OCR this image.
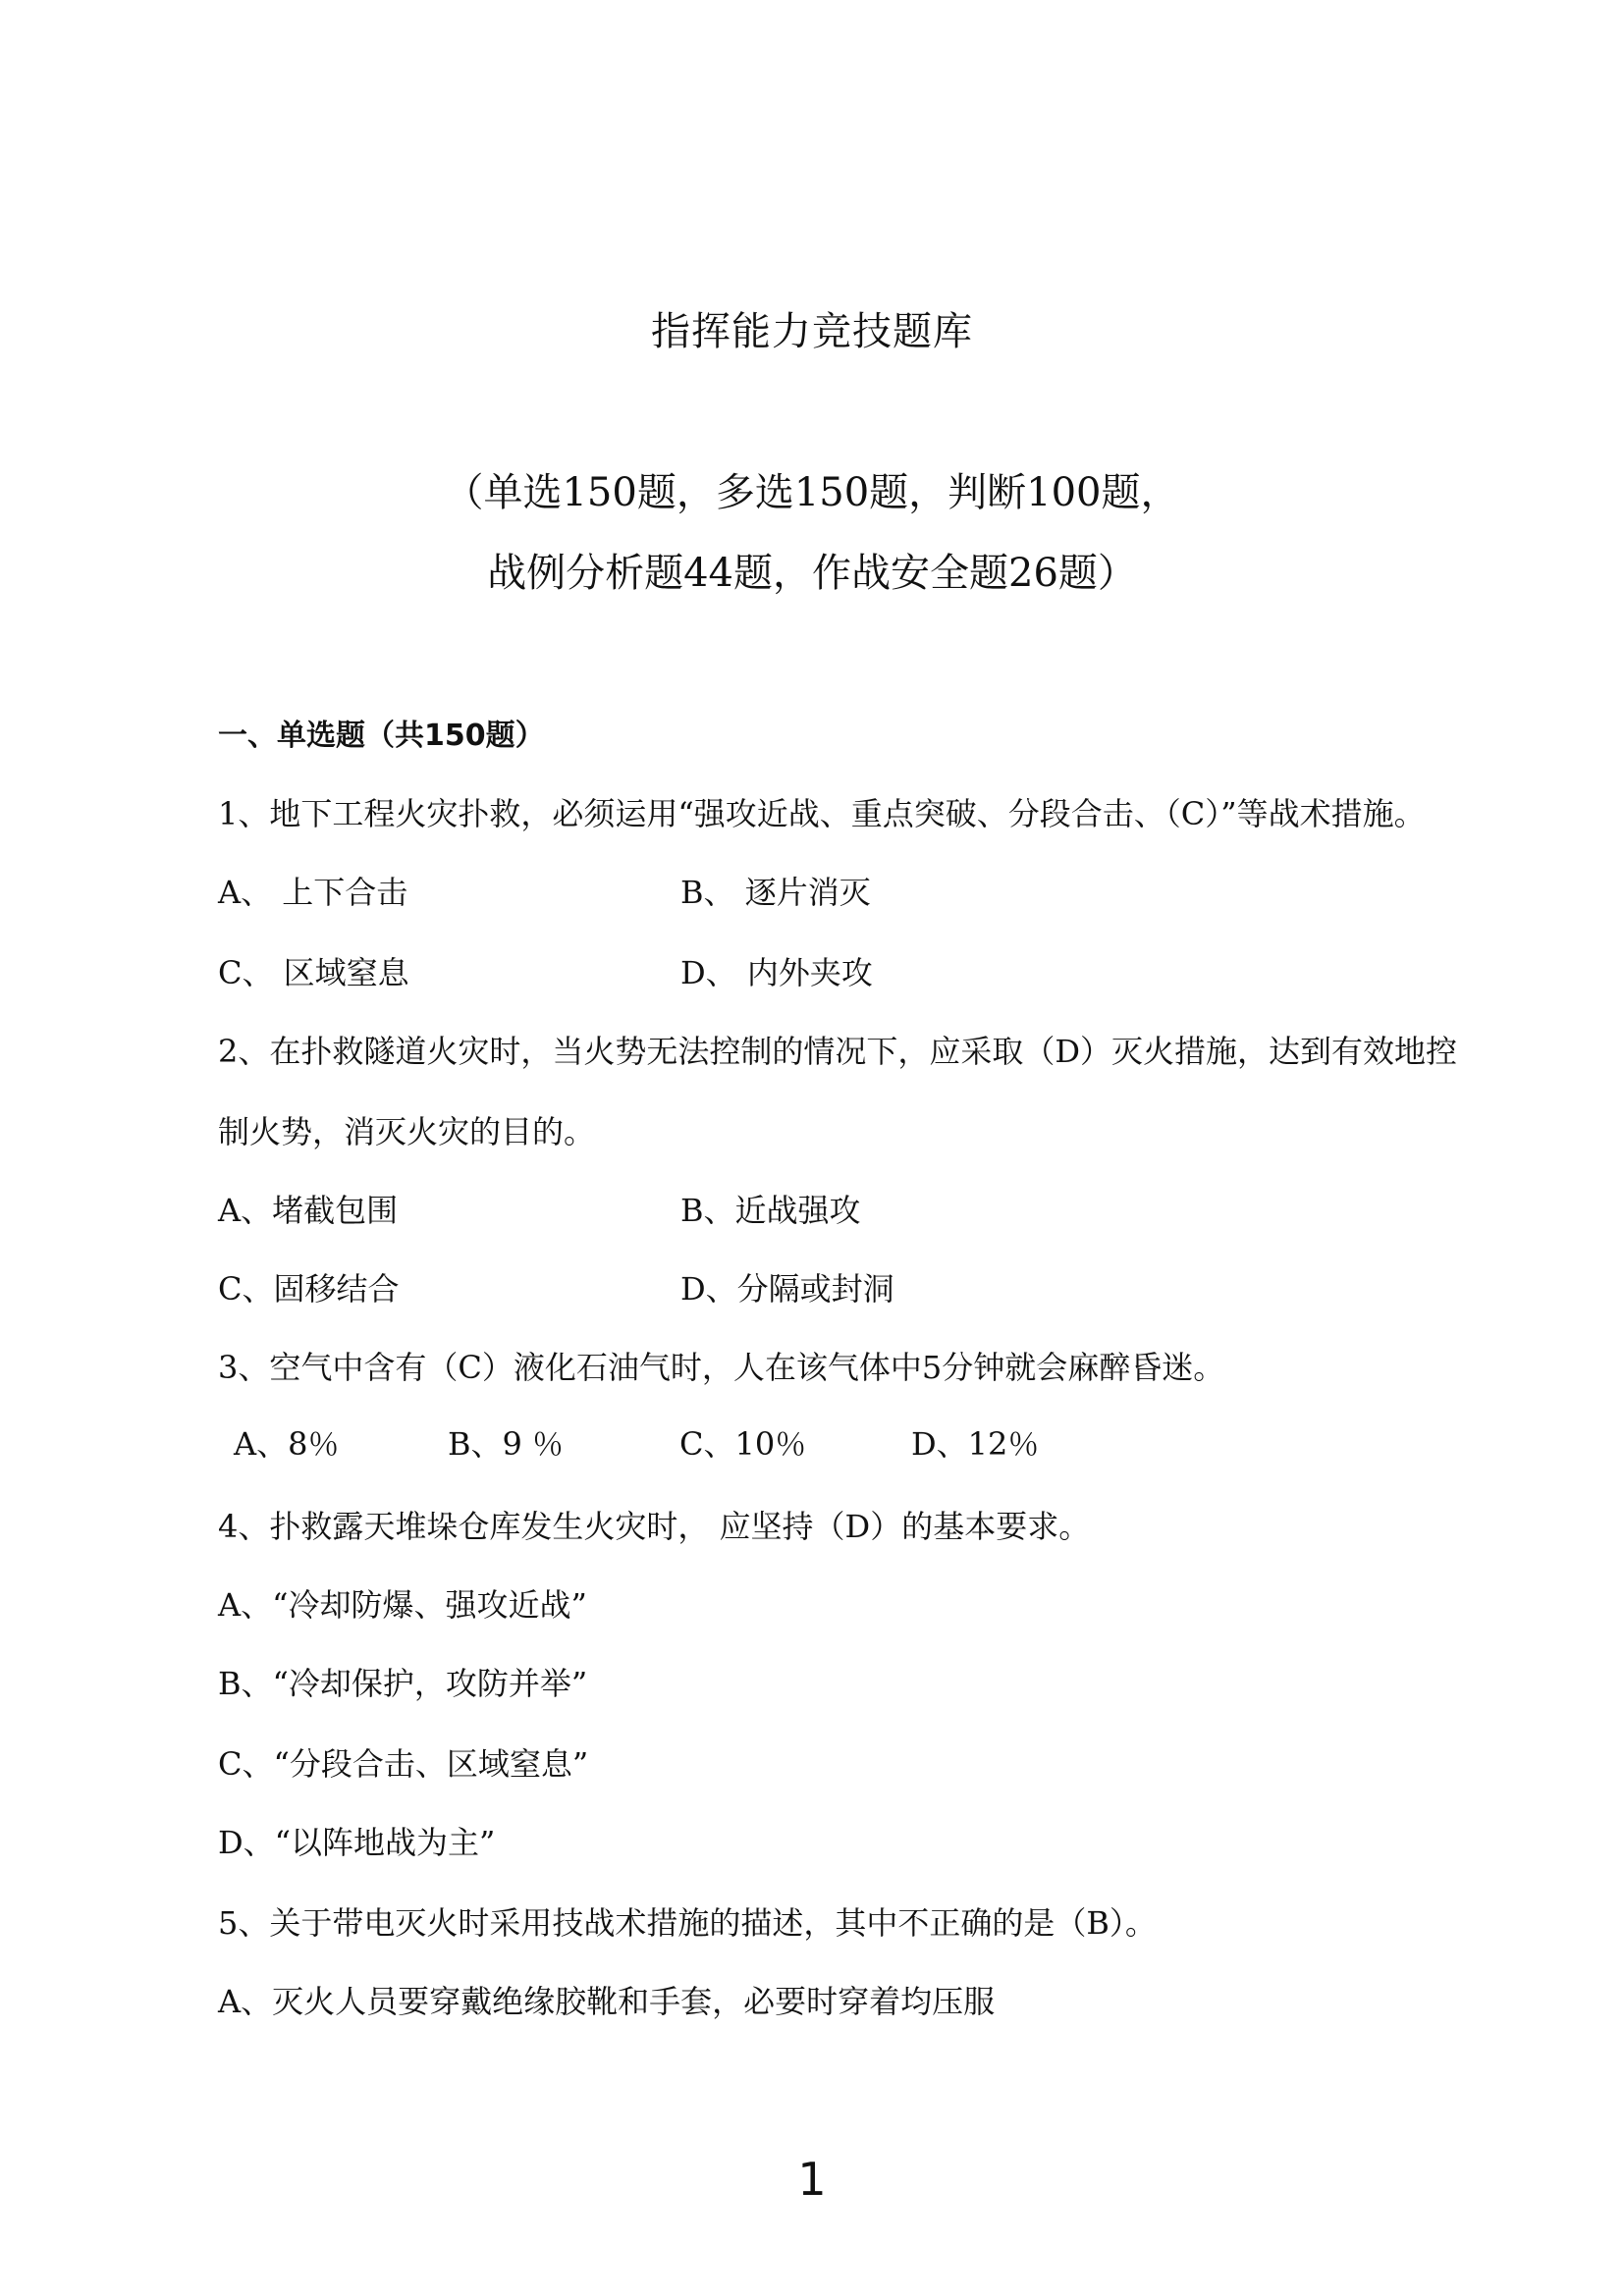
指挥能力竞技题库
（单选150题，多选150题，判断100题，
战例分析题44题，作战安全题26题）
一、单选题（共150题）
1、地下工程火灾扑救，必须运用“强攻近战、重点突破、分段合击、（C）”等战术措施。
A、 上下合击	B、 逐片消灭
C、 区域窒息	D、 内外夹攻
2、在扑救隧道火灾时，当火势无法控制的情况下，应采取（D）灭火措施，达到有效地控
制火势，消灭火灾的目的。
A、堵截包围	B、近战强攻
C、固移结合	D、分隔或封洞
3、空气中含有（C）液化石油气时，人在该气体中5分钟就会麻醉昏迷。
A、8％	B、9 ％	C、10％	D、12％
4、扑救露天堆垛仓库发生火灾时， 应坚持（D）的基本要求。
A、“冷却防爆、强攻近战”
B、“冷却保护，攻防并举”
C、“分段合击、区域窒息”
D、“以阵地战为主”
5、关于带电灭火时采用技战术措施的描述，其中不正确的是（B）。
A、灭火人员要穿戴绝缘胶靴和手套，必要时穿着均压服
1
